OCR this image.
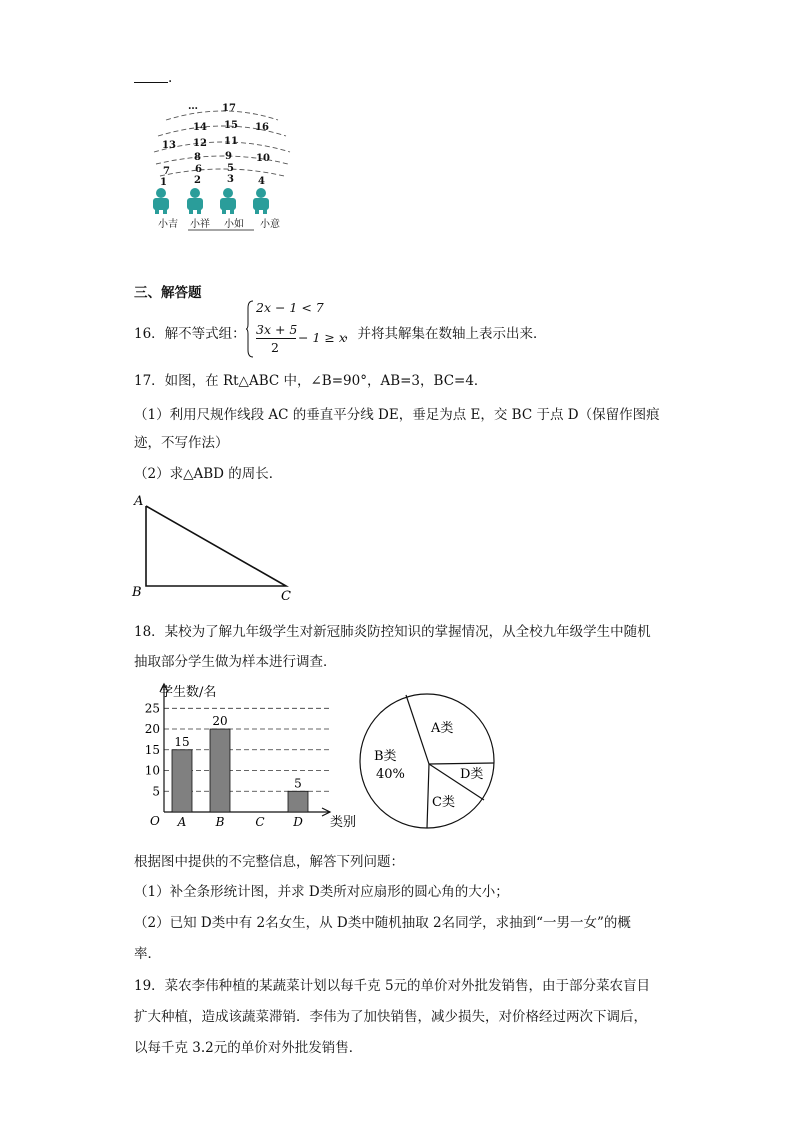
.
… 17
14 15 16
13 12 11
8 9 10
7	6	5
1	2	3 4
小吉 小祥 小如 小意
三、解答题
16．解不等式组：
2x − 1 < 7
3x + 5
2
− 1 ≥ x
，并将其解集在数轴上表示出来．
17．如图，在 Rt△ABC 中，∠B=90°，AB=3，BC=4．
（1）利用尺规作线段 AC 的垂直平分线 DE，垂足为点 E，交 BC 于点 D（保留作图痕
迹，不写作法）
（2）求△ABD 的周长．
A
B	C
18．某校为了解九年级学生对新冠肺炎防控知识的掌握情况，从全校九年级学生中随机
抽取部分学生做为样本进行调查．
5
10
15
20
25
15
20
5
A B	C D
学生数/名
类别
O
A类
B类
40%
C类
D类
根据图中提供的不完整信息，解答下列问题：
（1）补全条形统计图，并求 D类所对应扇形的圆心角的大小；
（2）已知 D类中有 2名女生，从 D类中随机抽取 2名同学，求抽到“一男一女”的概
率．
19．菜农李伟种植的某蔬菜计划以每千克 5元的单价对外批发销售，由于部分菜农盲目
扩大种植，造成该蔬菜滞销．李伟为了加快销售，减少损失，对价格经过两次下调后，
以每千克 3.2元的单价对外批发销售．
